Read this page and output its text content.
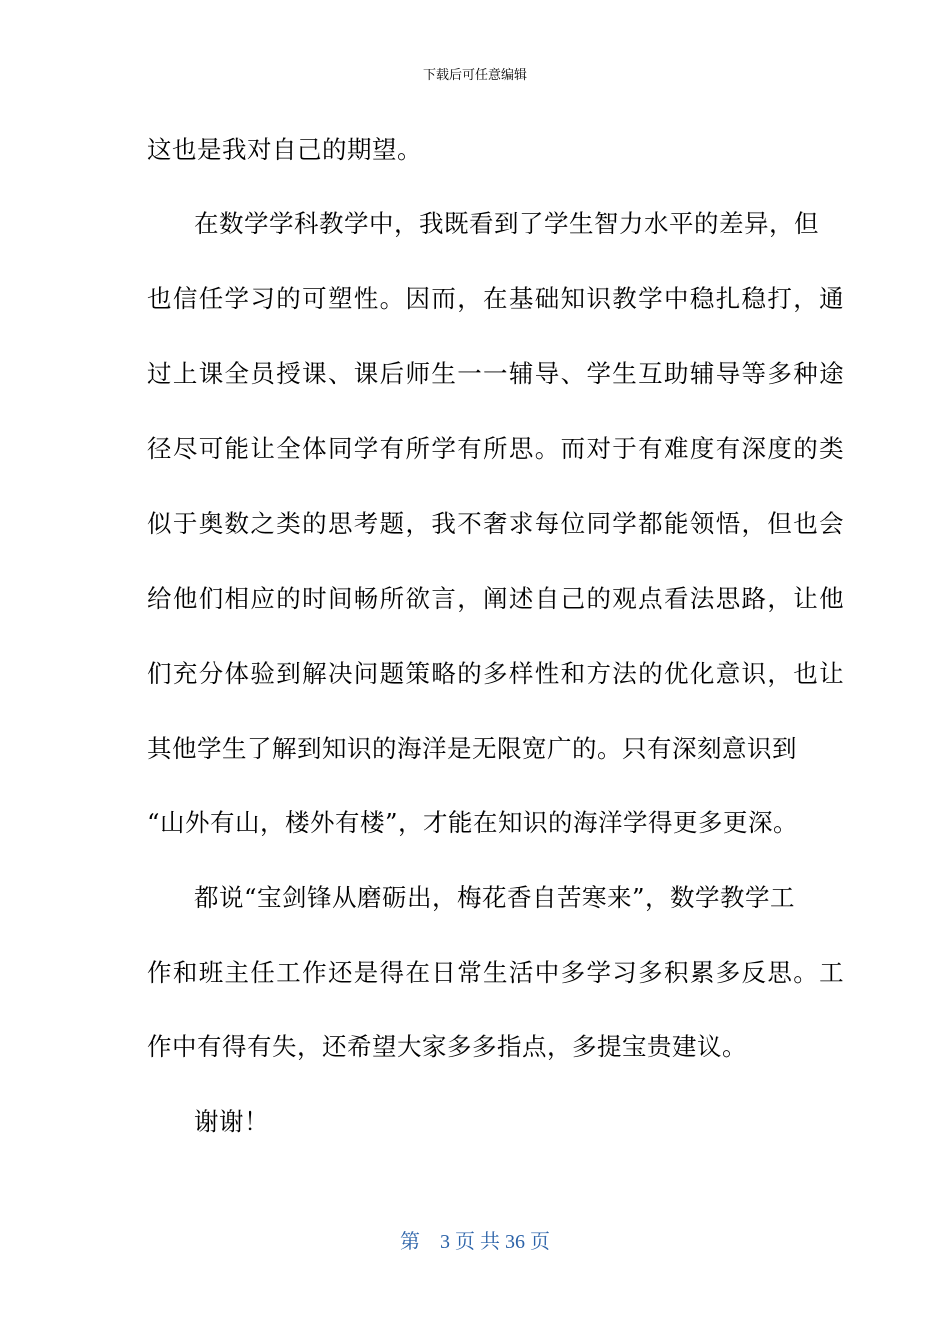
下载后可任意编辑
这也是我对自己的期望。
在数学学科教学中，我既看到了学生智力水平的差异，但
也信任学习的可塑性。因而，在基础知识教学中稳扎稳打，通
过上课全员授课、课后师生一一辅导、学生互助辅导等多种途
径尽可能让全体同学有所学有所思。而对于有难度有深度的类
似于奥数之类的思考题，我不奢求每位同学都能领悟，但也会
给他们相应的时间畅所欲言，阐述自己的观点看法思路，让他
们充分体验到解决问题策略的多样性和方法的优化意识，也让
其他学生了解到知识的海洋是无限宽广的。只有深刻意识到
“山外有山，楼外有楼”，才能在知识的海洋学得更多更深。
都说“宝剑锋从磨砺出，梅花香自苦寒来”，数学教学工
作和班主任工作还是得在日常生活中多学习多积累多反思。工
作中有得有失，还希望大家多多指点，多提宝贵建议。
谢谢！
第　3 页 共 36 页
